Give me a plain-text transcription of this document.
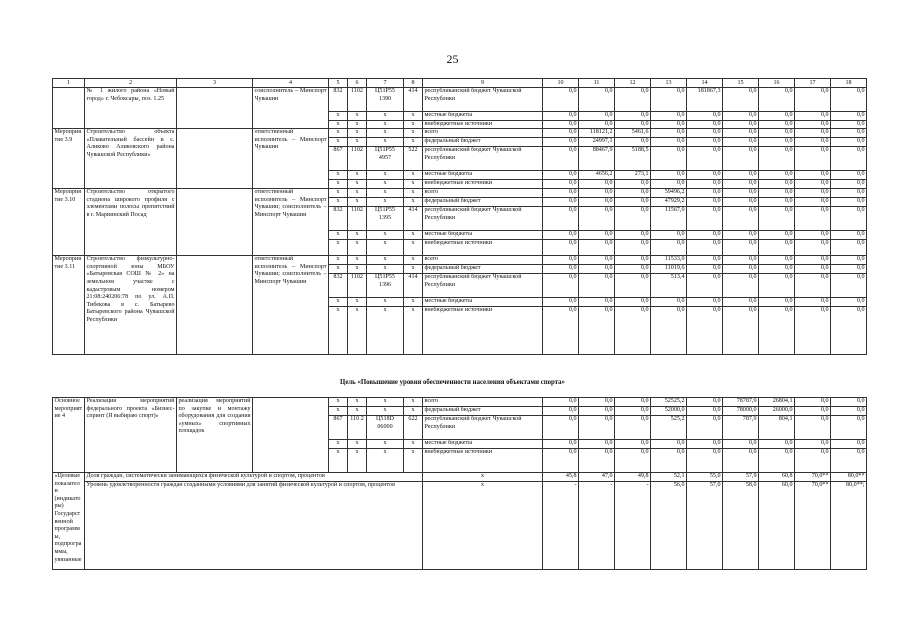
25
1	2	3	4	5	6	7	8	9	10	11	12	13	14	15	16	17	18
	№ 1 жилого района «Новый город» г. Чебоксары, поз. 1.25		соисполнитель – Минспорт Чувашии	832	1102	Ц51Р55 1390	414	республиканский бюджет Чувашской Республики	0,0	0,0	0,0	0,0	181867,3	0,0	0,0	0,0	0,0
				х	х	х	х	местные бюджеты	0,0	0,0	0,0	0,0	0,0	0,0	0,0	0,0	0,0
				х	х	х	х	внебюджетные источники	0,0	0,0	0,0	0,0	0,0	0,0	0,0	0,0	0,0
Мероприятие 3.9	Строительство объекта «Плавательный бассейн в с. Аликово Аликовского района Чувашской Республики»		ответственный исполнитель – Минспорт Чувашии	х	х	х	х	всего	0,0	118121,2	5461,6	0,0	0,0	0,0	0,0	0,0	0,0
				х	х	х	х	федеральный бюджет	0,0	24997,1	0,0	0,0	0,0	0,0	0,0	0,0	0,0
				867	1102	Ц51Р55 4957	522	республиканский бюджет Чувашской Республики	0,0	88467,9	5188,5	0,0	0,0	0,0	0,0	0,0	0,0
				х	х	х	х	местные бюджеты	0,0	4656,2	273,1	0,0	0,0	0,0	0,0	0,0	0,0
				х	х	х	х	внебюджетные источники	0,0	0,0	0,0	0,0	0,0	0,0	0,0	0,0	0,0
Мероприятие 3.10	Строительство открытого стадиона широкого профиля с элементами полосы препятствий в г. Мариинский Посад		ответственный исполнитель – Минспорт Чувашии; соисполнитель – Минспорт Чувашии	х	х	х	х	всего	0,0	0,0	0,0	59496,2	0,0	0,0	0,0	0,0	0,0
				х	х	х	х	федеральный бюджет	0,0	0,0	0,0	47929,2	0,0	0,0	0,0	0,0	0,0
				832	1102	Ц51Р55 1395	414	республиканский бюджет Чувашской Республики	0,0	0,0	0,0	11567,0	0,0	0,0	0,0	0,0	0,0
				х	х	х	х	местные бюджеты	0,0	0,0	0,0	0,0	0,0	0,0	0,0	0,0	0,0
				х	х	х	х	внебюджетные источники	0,0	0,0	0,0	0,0	0,0	0,0	0,0	0,0	0,0
Мероприятие 3.11	Строительство физкультурно-спортивной зоны МБОУ «Батыревская СОШ № 2» на земельном участке с кадастровым номером 21:08:240206:78 по ул. А.П. Тибекова в с. Батырево Батыревского района Чувашской Республики		ответственный исполнитель – Минспорт Чувашии; соисполнитель – Минспорт Чувашии	х	х	х	х	всего	0,0	0,0	0,0	11533,0	0,0	0,0	0,0	0,0	0,0
				х	х	х	х	федеральный бюджет	0,0	0,0	0,0	11019,6	0,0	0,0	0,0	0,0	0,0
				832	1102	Ц51Р55 1396	414	республиканский бюджет Чувашской Республики	0,0	0,0	0,0	513,4	0,0	0,0	0,0	0,0	0,0
				х	х	х	х	местные бюджеты	0,0	0,0	0,0	0,0	0,0	0,0	0,0	0,0	0,0
				х	х	х	х	внебюджетные источники	0,0	0,0	0,0	0,0	0,0	0,0	0,0	0,0	0,0
Цель «Повышение уровня обеспеченности населения объектами спорта»
Основное мероприятие 4	Реализация мероприятий федерального проекта «Бизнес-спринт (Я выбираю спорт)»	реализация мероприятий по закупке и монтажу оборудования для создания «умных» спортивных площадок		х	х	х	х	всего	0,0	0,0	0,0	52525,2	0,0	78787,9	26804,1	0,0	0,0
				х	х	х	х	федеральный бюджет	0,0	0,0	0,0	52000,0	0,0	78000,0	26000,0	0,0	0,0
				867	110 2	Ц518D 06000	622	республиканский бюджет Чувашской Республики	0,0	0,0	0,0	525,2	0,0	787,9	804,1	0,0	0,0
				х	х	х	х	местные бюджеты	0,0	0,0	0,0	0,0	0,0	0,0	0,0	0,0	0,0
				х	х	х	х	внебюджетные источники	0,0	0,0	0,0	0,0	0,0	0,0	0,0	0,0	0,0
«Целевые показатели (индикаторы) Государственной программы, подпрограммы, увязанные	Доля граждан, систематически занимающихся физической культурой и спортом, процентов							х	45,8	47,0	49,8	52,1	55,0	57,9	60,8	70,0**	80,0**
	Уровень удовлетворенности граждан созданными условиями для занятий физической культурой и спортом, процентов							х	-	-	-	56,0	57,0	58,0	60,0	70,0**	80,0**;
